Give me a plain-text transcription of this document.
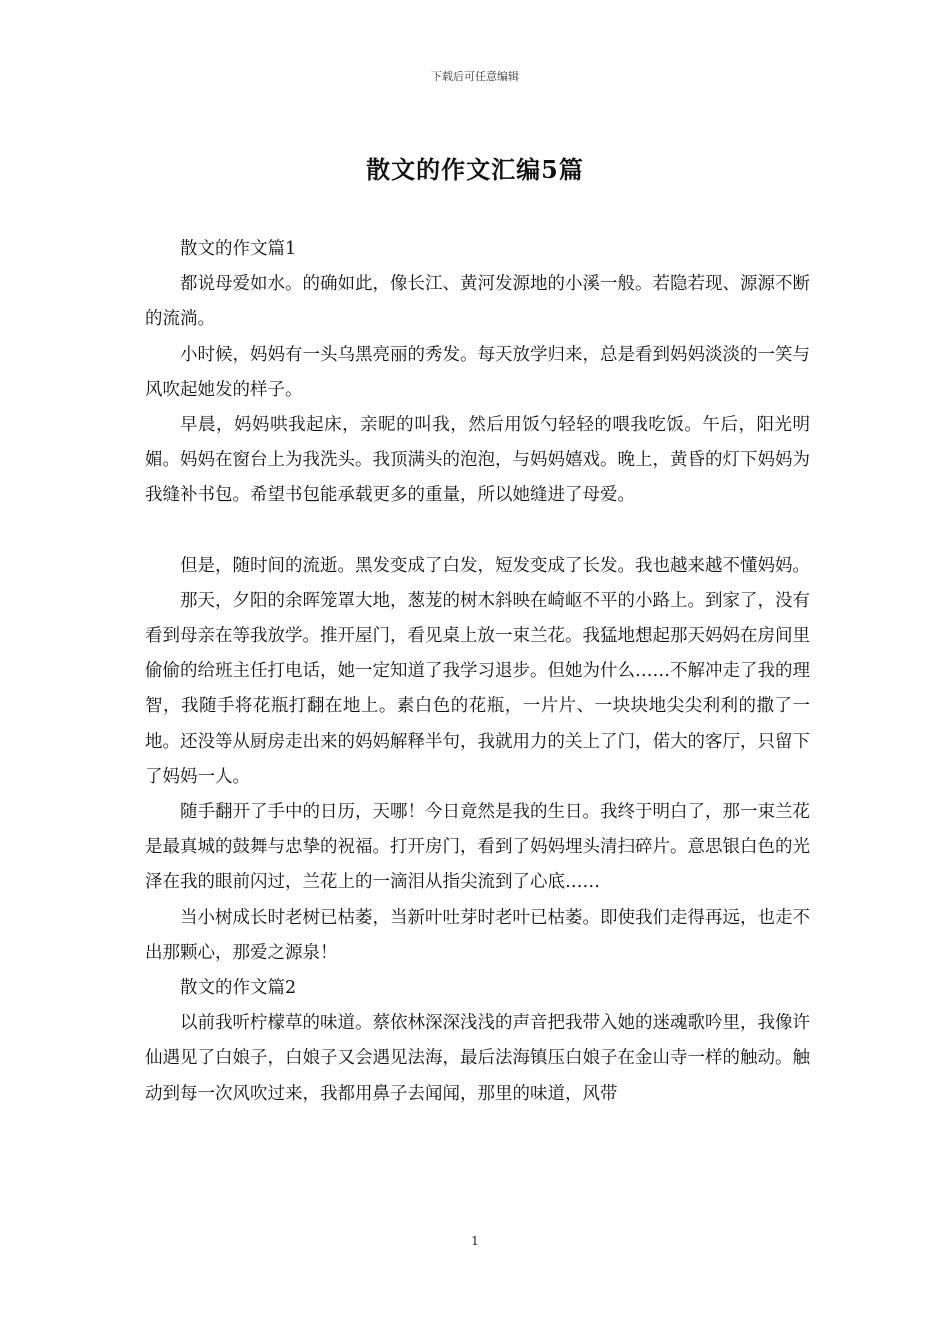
下载后可任意编辑
散文的作文汇编5篇

散文的作文篇1

都说母爱如水。的确如此，像长江、黄河发源地的小溪一般。若隐若现、源源不断的流淌。

小时候，妈妈有一头乌黑亮丽的秀发。每天放学归来，总是看到妈妈淡淡的一笑与风吹起她发的样子。

早晨，妈妈哄我起床，亲昵的叫我，然后用饭勺轻轻的喂我吃饭。午后，阳光明媚。妈妈在窗台上为我洗头。我顶满头的泡泡，与妈妈嬉戏。晚上，黄昏的灯下妈妈为我缝补书包。希望书包能承载更多的重量，所以她缝进了母爱。

但是，随时间的流逝。黑发变成了白发，短发变成了长发。我也越来越不懂妈妈。

那天，夕阳的余晖笼罩大地，葱茏的树木斜映在崎岖不平的小路上。到家了，没有看到母亲在等我放学。推开屋门，看见桌上放一束兰花。我猛地想起那天妈妈在房间里偷偷的给班主任打电话，她一定知道了我学习退步。但她为什么……不解冲走了我的理智，我随手将花瓶打翻在地上。素白色的花瓶，一片片、一块块地尖尖利利的撒了一地。还没等从厨房走出来的妈妈解释半句，我就用力的关上了门，偌大的客厅，只留下了妈妈一人。

随手翻开了手中的日历，天哪！今日竟然是我的生日。我终于明白了，那一束兰花是最真城的鼓舞与忠挚的祝福。打开房门，看到了妈妈埋头清扫碎片。意思银白色的光泽在我的眼前闪过，兰花上的一滴泪从指尖流到了心底……

当小树成长时老树已枯萎，当新叶吐芽时老叶已枯萎。即使我们走得再远，也走不出那颗心，那爱之源泉！

散文的作文篇2

以前我听柠檬草的味道。蔡依林深深浅浅的声音把我带入她的迷魂歌吟里，我像许仙遇见了白娘子，白娘子又会遇见法海，最后法海镇压白娘子在金山寺一样的触动。触动到每一次风吹过来，我都用鼻子去闻闻，那里的味道，风带

1
